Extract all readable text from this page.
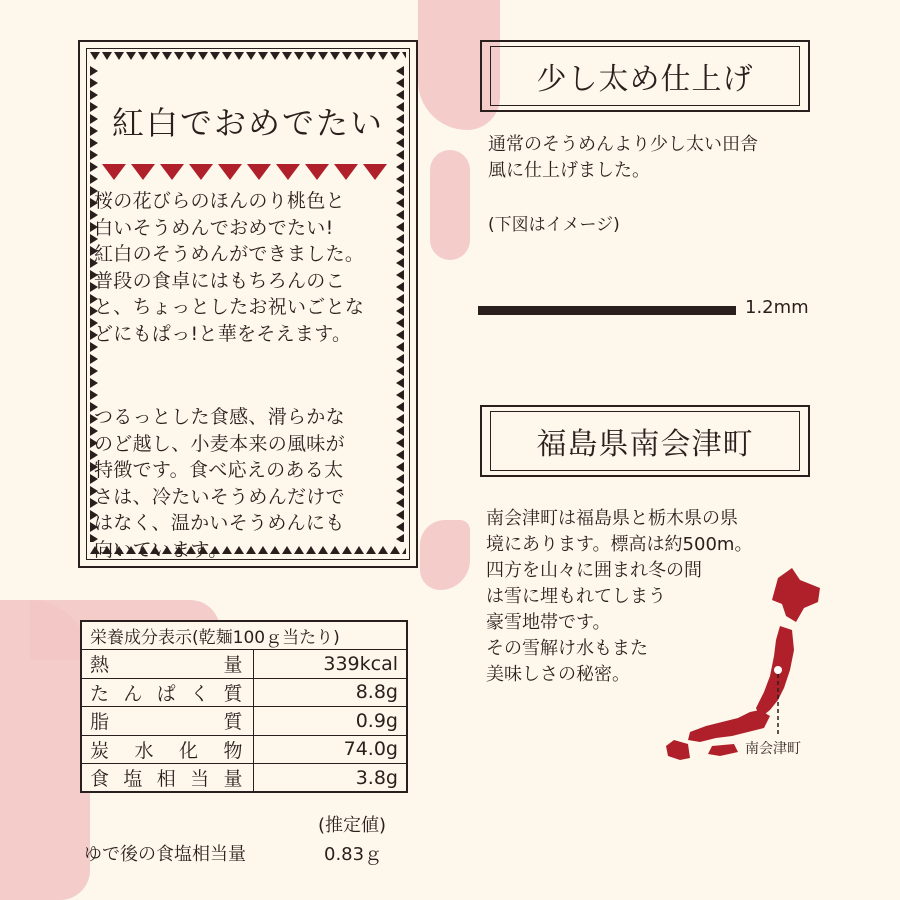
紅白でおめでたい
桜の花びらのほんのり桃色と
白いそうめんでおめでたい!
紅白のそうめんができました。
普段の食卓にはもちろんのこ
と、ちょっとしたお祝いごとな
どにもぱっ!と華をそえます。
つるっとした食感、滑らかな
のど越し、小麦本来の風味が
特徴です。食べ応えのある太
さは、冷たいそうめんだけで
はなく、温かいそうめんにも
向いています。
少し太め仕上げ
通常のそうめんより少し太い田舎
風に仕上げました。
(下図はイメージ)
1.2mm
福島県南会津町
南会津町は福島県と栃木県の県
境にあります。標高は約500m。
四方を山々に囲まれ冬の間
は雪に埋もれてしまう
豪雪地帯です。
その雪解け水もまた
美味しさの秘密。
南会津町
栄養成分表示(乾麺100ｇ当たり)	
熱量	339kcal
たんぱく質	8.8g
脂質	0.9g
炭水化物	74.0g
食塩相当量	3.8g
(推定値)
ゆで後の食塩相当量	0.83ｇ
